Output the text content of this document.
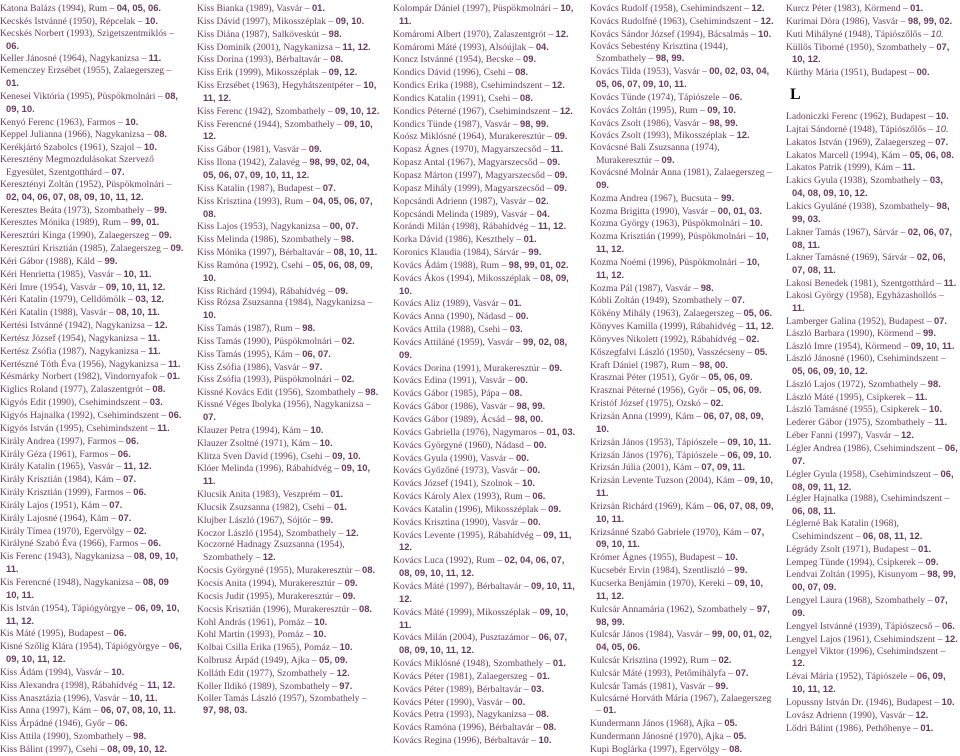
Katona Balázs (1994), Rum – 04, 05, 06.

Kecskés Istvánné (1950), Répcelak – 10.

Kecskés Norbert (1993), Szigetszentmiklós – 06.

Keller Jánosné (1964), Nagykanizsa – 11.

Kemenczey Erzsébet (1955), Zalaegerszeg – 01.

Kenesei Viktória (1995), Püspökmolnári – 08, 09, 10.

Kenyó Ferenc (1963), Farmos – 10.

Keppel Julianna (1966), Nagykanizsa – 08.

Kerékjártó Szabolcs (1961), Szajol – 10.

Keresztény Megmozdulásokat Szervező Egyesület, Szentgotthárd – 07.

Keresztényi Zoltán (1952), Püspökmolnári – 02, 04, 06, 07, 08, 09, 10, 11, 12.

Keresztes Beáta (1973), Szombathely – 99.

Keresztes Mónika (1989), Rum – 99, 01.

Keresztúri Kinga (1990), Zalaegerszeg – 09.

Keresztúri Krisztián (1985), Zalaegerszeg – 09.

Kéri Gábor (1988), Káld – 99.

Kéri Henrietta (1985), Vasvár – 10, 11.

Kéri Imre (1954), Vasvár – 09, 10, 11, 12.

Kéri Katalin (1979), Celldömölk – 03, 12.

Kéri Katalin (1988), Vasvár – 08, 10, 11.

Kertési Istvánné (1942), Nagykanizsa – 12.

Kertész József (1954), Nagykanizsa – 11.

Kertész Zsófia (1987), Nagykanizsa – 11.

Kertészné Tóth Éva (1956), Nagykanizsa – 11.

Késmárky Norbert (1982), Vindornyafok – 01.

Kiglics Roland (1977), Zalaszentgrót – 08.

Kigyós Edit (1990), Csehimindszent – 03.

Kigyós Hajnalka (1992), Csehimindszent – 06.

Kigyós István (1995), Csehimindszent – 11.

Király Andrea (1997), Farmos – 06.

Király Géza (1961), Farmos – 06.

Király Katalin (1965), Vasvár – 11, 12.

Király Krisztián (1984), Kám – 07.

Király Krisztián (1999), Farmos – 06.

Király Lajos (1951), Kám – 07.

Király Lajosné (1964), Kám – 07.

Király Tímea (1970), Egervölgy – 02.

Királyné Szabó Éva (1966), Farmos – 06.

Kis Ferenc (1943), Nagykanizsa – 08, 09, 10, 11.

Kis Ferencné (1948), Nagykanizsa – 08, 09 10, 11.

Kis István (1954), Tápiógyörgye – 06, 09, 10, 11, 12.

Kis Máté (1995), Budapest – 06.

Kisné Szőlig Klára (1954), Tápiógyörgye – 06, 09, 10, 11, 12.

Kiss Ádám (1994), Vasvár – 10.

Kiss Alexandra (1998), Rábahídvég – 11, 12.

Kiss Anasztázia (1996), Vasvár – 10, 11.

Kiss Anna (1997), Kám – 06, 07, 08, 10, 11.

Kiss Árpádné (1946), Győr – 06.

Kiss Attila (1990), Szombathely – 98.

Kiss Bálint (1997), Csehi – 08, 09, 10, 12.

Kiss Bianka (1989), Vasvár – 01.

Kiss Dávid (1997), Mikosszéplak – 09, 10.

Kiss Diána (1987), Salköveskút – 98.

Kiss Dominik (2001), Nagykanizsa – 11, 12.

Kiss Dorina (1993), Bérbaltavár – 08.

Kiss Erik (1999), Mikosszéplak – 09, 12.

Kiss Erzsébet (1963), Hegyhátszentpéter – 10, 11, 12.

Kiss Ferenc (1942), Szombathely – 09, 10, 12.

Kiss Ferencné (1944), Szombathely – 09, 10, 12.

Kiss Gábor (1981), Vasvár – 09.

Kiss Ilona (1942), Zalavég – 98, 99, 02, 04, 05, 06, 07, 09, 10, 11, 12.

Kiss Katalin (1987), Budapest – 07.

Kiss Krisztina (1993), Rum – 04, 05, 06, 07, 08.

Kiss Lajos (1953), Nagykanizsa – 00, 07.

Kiss Melinda (1986), Szombathely – 98.

Kiss Mónika (1997), Bérbaltavár – 08, 10, 11.

Kiss Ramóna (1992), Csehi – 05, 06, 08, 09, 10.

Kiss Richárd (1994), Rábahídvég – 09.

Kiss Rózsa Zsuzsanna (1984), Nagykanizsa – 10.

Kiss Tamás (1987), Rum – 98.

Kiss Tamás (1990), Püspökmolnári – 02.

Kiss Tamás (1995), Kám – 06, 07.

Kiss Zsófia (1986), Vasvár – 97.

Kiss Zsófia (1993), Püspökmolnári – 02.

Kissné Kovács Edit (1956), Szombathely – 98.

Kissné Véges Ibolyka (1956), Nagykanizsa – 07.

Klauzer Petra (1994), Kám – 10.

Klauzer Zsoltné (1971), Kám – 10.

Klitza Sven David (1996), Csehi – 09, 10.

Klóer Melinda (1996), Rábahídvég – 09, 10, 11.

Klucsik Anita (1983), Veszprém – 01.

Klucsik Zsuzsanna (1982), Csehi – 01.

Klujber László (1967), Sójtör – 99.

Koczor László (1954), Szombathely – 12.

Koczorné Hadnagy Zsuzsanna (1954), Szombathely – 12.

Kocsis Györgyné (1955), Murakeresztúr – 08.

Kocsis Anita (1994), Murakeresztúr – 09.

Kocsis Judit (1995), Murakeresztúr – 09.

Kocsis Krisztián (1996), Murakeresztúr – 08.

Kohl András (1961), Pomáz – 10.

Kohl Martin (1993), Pomáz – 10.

Kolbai Csilla Erika (1965), Pomáz – 10.

Kolbrusz Árpád (1949), Ajka – 05, 09.

Kolláth Edit (1977), Szombathely – 12.

Koller Ildikó (1989), Szombathely – 97.

Koller Tamás László (1957), Szombathely – 97, 98, 03.

Kolompár Dániel (1997), Püspökmolnári – 10, 11.

Komáromi Albert (1970), Zalaszentgrót – 12.

Komáromi Máté (1993), Alsóújlak – 04.

Koncz Istvánné (1954), Becske – 09.

Kondics Dávid (1996), Csehi – 08.

Kondics Erika (1988), Csehimindszent – 12.

Kondics Katalin (1991), Csehi – 08.

Kondics Péterné (1967), Csehimindszent – 12.

Kondics Tünde (1987), Vasvár – 98, 99.

Koósz Miklósné (1964), Murakeresztúr – 09.

Kopasz Ágnes (1970), Magyarszecsőd – 11.

Kopasz Antal (1967), Magyarszecsőd – 09.

Kopasz Márton (1997), Magyarszecsőd – 09.

Kopasz Mihály (1999), Magyarszecsőd – 09.

Kopcsándi Adrienn (1987), Vasvár – 02.

Kopcsándi Melinda (1989), Vasvár – 04.

Korándi Milán (1998), Rábahídvég – 11, 12.

Korka Dávid (1986), Keszthely – 01.

Koronics Klaudia (1984), Sárvár – 99.

Kovács Ádám (1988), Rum – 98, 99, 01, 02.

Kovács Ákos (1994), Mikosszéplak – 08, 09, 10.

Kovács Aliz (1989), Vasvár – 01.

Kovács Anna (1990), Nádasd – 00.

Kovács Attila (1988), Csehi – 03.

Kovács Attiláné (1959), Vasvár – 99, 02, 08, 09.

Kovács Dorina (1991), Murakeresztúr – 09.

Kovács Edina (1991), Vasvár – 00.

Kovács Gábor (1985), Pápa – 08.

Kovács Gábor (1986), Vasvár – 98, 99.

Kovács Gábor (1989), Ácsád – 98, 00.

Kovács Gabriella (1976), Nagymaros – 01, 03.

Kovács Györgyné (1960), Nádasd – 00.

Kovács Gyula (1990), Vasvár – 00.

Kovács Győzőné (1973), Vasvár – 00.

Kovács József (1941), Szolnok – 10.

Kovács Károly Alex (1993), Rum – 06.

Kovács Katalin (1996), Mikosszéplak – 09.

Kovács Krisztina (1990), Vasvár – 00.

Kovács Levente (1995), Rábahídvég – 09, 11, 12.

Kovács Luca (1992), Rum – 02, 04, 06, 07, 08, 09, 10, 11, 12.

Kovács Máté (1997), Bérbaltavár – 09, 10, 11, 12.

Kovács Máté (1999), Mikosszéplak – 09, 10, 11.

Kovács Milán (2004), Pusztazámor – 06, 07, 08, 09, 10, 11, 12.

Kovács Miklósné (1948), Szombathely – 01.

Kovács Péter (1981), Zalaegerszeg – 01.

Kovács Péter (1989), Bérbaltavár – 03.

Kovács Péter (1990), Vasvár – 00.

Kovács Petra (1993), Nagykanizsa – 08.

Kovács Ramóna (1996), Bérbaltavár – 08.

Kovács Regina (1996), Bérbaltavár – 10.

Kovács Rudolf (1958), Csehimindszent – 12.

Kovács Rudolfné (1963), Csehimindszent – 12.

Kovács Sándor József (1994), Bácsalmás – 10.

Kovács Sebestény Krisztina (1944), Szombathely – 98, 99.

Kovács Tilda (1953), Vasvár – 00, 02, 03, 04, 05, 06, 07, 09, 10, 11.

Kovács Tünde (1974), Tápiószele – 06.

Kovács Zoltán (1995), Rum – 09, 10.

Kovács Zsolt (1986), Vasvár – 98, 99.

Kovács Zsolt (1993), Mikosszéplak – 12.

Kovácsné Bali Zsuzsanna (1974), Murakeresztúr – 09.

Kovácsné Molnár Anna (1981), Zalaegerszeg – 09.

Kozma Andrea (1967), Bucsuta – 99.

Kozma Brigitta (1990), Vasvár – 00, 01, 03.

Kozma György (1963), Püspökmolnári – 10.

Kozma Krisztián (1999), Püspökmolnári – 10, 11, 12.

Kozma Noémi (1996), Püspökmolnári – 10, 11, 12.

Kozma Pál (1987), Vasvár – 98.

Kóbli Zoltán (1949), Szombathely – 07.

Kökény Mihály (1963), Zalaegerszeg – 05, 06.

Könyves Kamilla (1999), Rábahídvég – 11, 12.

Könyves Nikolett (1992), Rábahídvég – 02.

Kőszegfalvi László (1950), Vasszécseny – 05.

Kraft Dániel (1987), Rum – 98, 00.

Krasznai Péter (1951), Győr – 05, 06, 09.

Krasznai Péterné (1956), Győr – 05, 06, 09.

Kristóf József (1975), Ozskó – 02.

Krizsán Anna (1999), Kám – 06, 07, 08, 09, 10.

Krizsán János (1953), Tápiószele – 09, 10, 11.

Krizsán János (1976), Tápiószele – 06, 09, 10.

Krizsán Júlia (2001), Kám – 07, 09, 11.

Krizsán Levente Tuzson (2004), Kám – 09, 10, 11.

Krizsán Richárd (1969), Kám – 06, 07, 08, 09, 10, 11.

Krizsánné Szabó Gabriele (1970), Kám – 07, 09, 10, 11.

Krómer Ágnes (1955), Budapest – 10.

Kucsebér Ervin (1984), Szentliszló – 99.

Kucserka Benjámin (1970), Kereki – 09, 10, 11, 12.

Kulcsár Annamária (1962), Szombathely – 97, 98, 99.

Kulcsár János (1984), Vasvár – 99, 00, 01, 02, 04, 05, 06.

Kulcsár Krisztina (1992), Rum – 02.

Kulcsár Máté (1993), Petőmihályfa – 07.

Kulcsár Tamás (1981), Vasvár – 99.

Kulcsárné Horváth Mária (1967), Zalaegerszeg – 01.

Kundermann János (1968), Ajka – 05.

Kundermann Jánosné (1970), Ajka – 05.

Kupi Boglárka (1997), Egervölgy – 08.

Kurcz Péter (1983), Körmend – 01.

Kurimai Dóra (1986), Vasvár – 98, 99, 02.

Kuti Mihályné (1948), Tápiószőlős – 10.

Küllős Tiborné (1950), Szombathely – 07, 10, 12.

Kürthy Mária (1951), Budapest – 00.

L

Ladoniczki Ferenc (1962), Budapest – 10.

Lajtai Sándorné (1948), Tápiószőlős – 10.

Lakatos István (1969), Zalaegerszeg – 07.

Lakatos Marcell (1994), Kám – 05, 06, 08.

Lakatos Patrik (1999), Kám – 11.

Lakics Gyula (1938), Szombathely – 03, 04, 08, 09, 10, 12.

Lakics Gyuláné (1938), Szombathely– 98, 99, 03.

Lakner Tamás (1967), Sárvár – 02, 06, 07, 08, 11.

Lakner Tamásné (1969), Sárvár – 02, 06, 07, 08, 11.

Lakosi Benedek (1981), Szentgotthárd – 11.

Lakosi György (1958), Egyházashollós – 11.

Lamberger Galina (1952), Budapest – 07.

László Barbara (1990), Körmend – 99.

László Imre (1954), Körmend – 09, 10, 11.

László Jánosné (1960), Csehimindszent – 05, 06, 09, 10, 12.

László Lajos (1972), Szombathely – 98.

László Máté (1995), Csipkerek – 11.

László Tamásné (1955), Csipkerek – 10.

Lederer Gábor (1975), Szombathely – 11.

Léber Fanni (1997), Vasvár – 12.

Légler Andrea (1986), Csehimindszent – 06, 07.

Légler Gyula (1958), Csehimindszent – 06, 08, 09, 11, 12.

Légler Hajnalka (1988), Csehimindszent – 06, 08, 11.

Léglerné Bak Katalin (1968), Csehimindszent – 06, 08, 11, 12.

Légrády Zsolt (1971), Budapest – 01.

Lempeg Tünde (1994), Csipkerek – 09.

Lendvai Zoltán (1995), Kisunyom – 98, 99, 00, 07, 09.

Lengyel Laura (1968), Szombathely – 07, 09.

Lengyel Istvánné (1939), Tápiószecső – 06.

Lengyel Lajos (1961), Csehimindszent – 12.

Lengyel Viktor (1996), Csehimindszent – 12.

Lévai Mária (1952), Tápiószele – 06, 09, 10, 11, 12.

Lopussny István Dr. (1946), Budapest – 10.

Lovász Adrienn (1990), Vasvár – 12.

Lődri Bálint (1986), Pethőhenye – 01.
